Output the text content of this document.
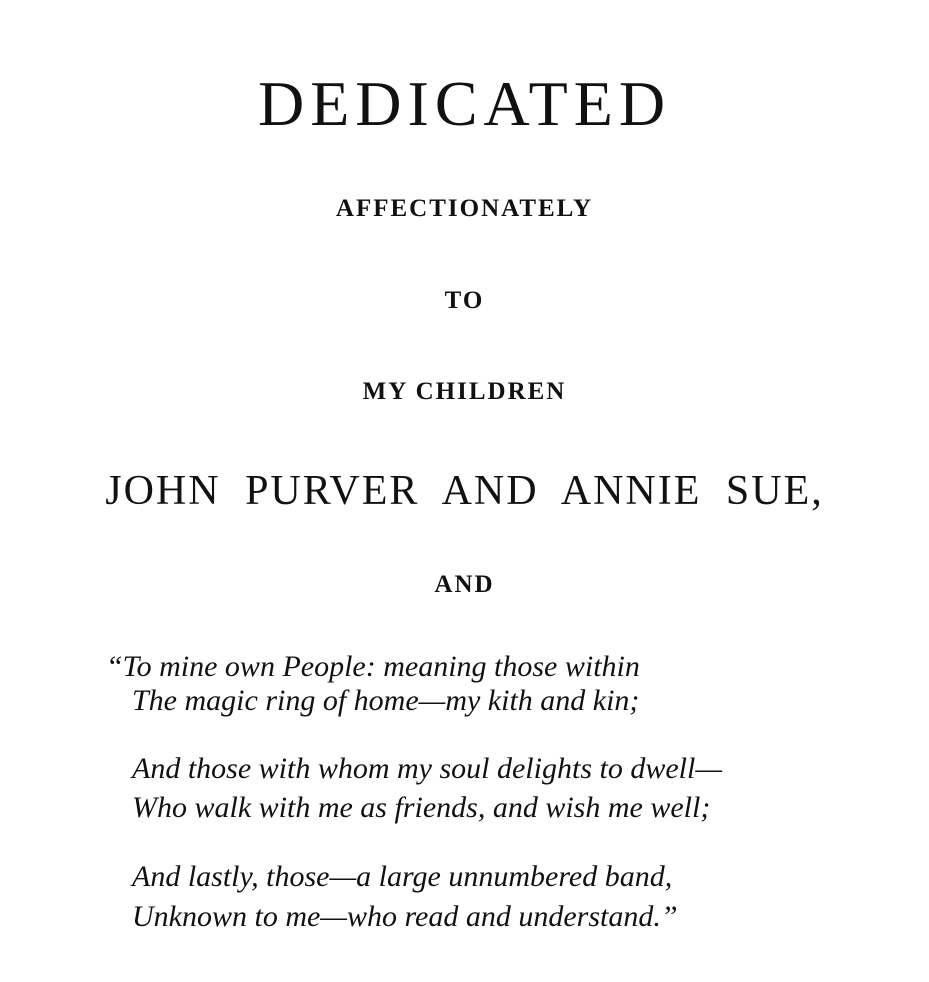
DEDICATED
AFFECTIONATELY
TO
MY CHILDREN
JOHN PURVER AND ANNIE SUE,
AND
“To mine own People: meaning those within
The magic ring of home—my kith and kin;
And those with whom my soul delights to dwell—
Who walk with me as friends, and wish me well;
And lastly, those—a large unnumbered band,
Unknown to me—who read and understand.”
